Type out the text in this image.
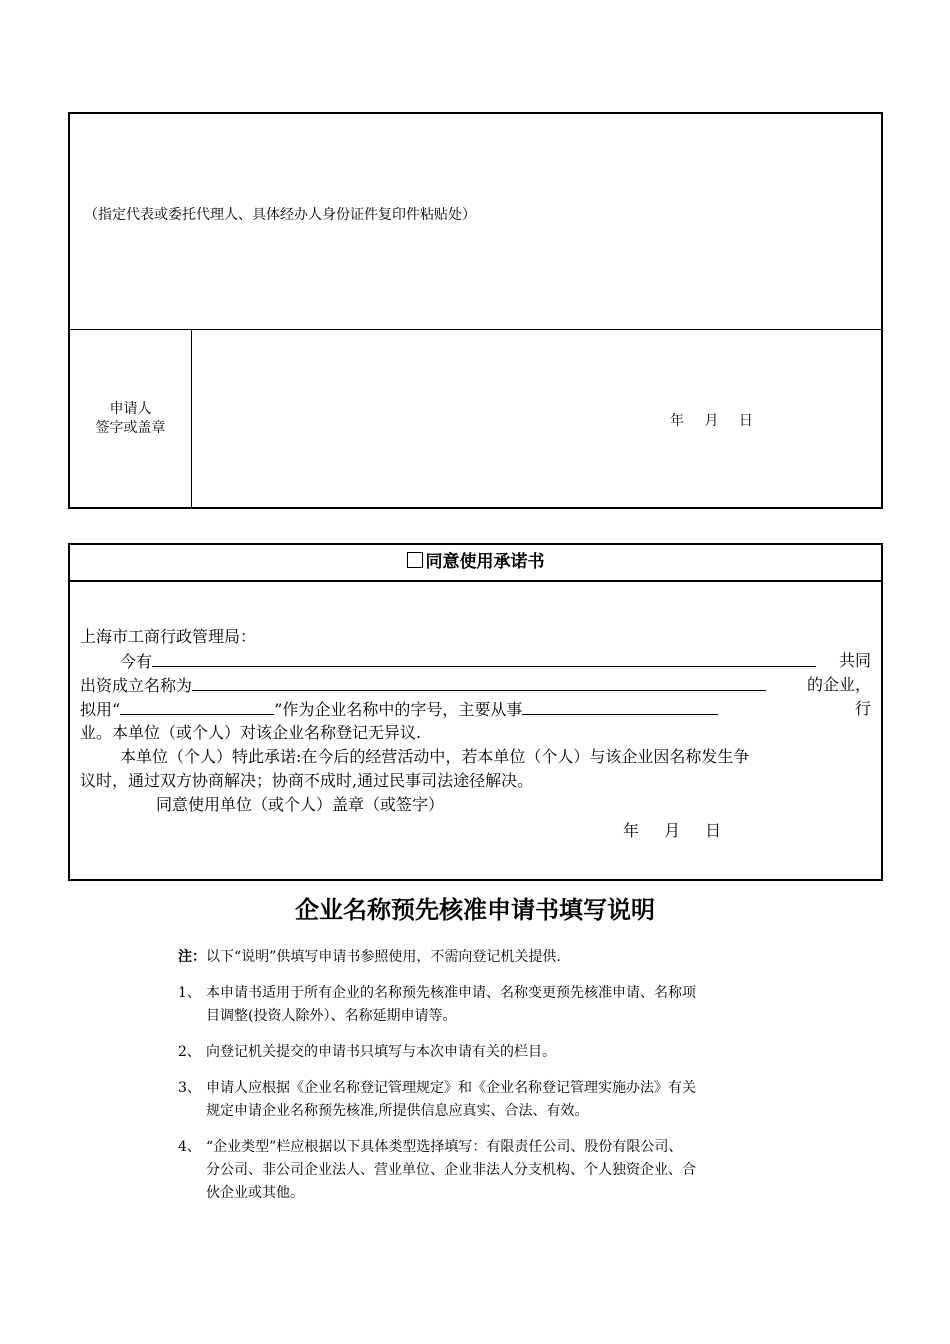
（指定代表或委托代理人、具体经办人身份证件复印件粘贴处）
申请人
签字或盖章	年 月 日
同意使用承诺书
上海市工商行政管理局：
今有	共同
出资成立名称为	的企业，
拟用“	”作为企业名称中的字号，主要从事	行
业。本单位（或个人）对该企业名称登记无异议.
本单位（个人）特此承诺:在今后的经营活动中，若本单位（个人）与该企业因名称发生争
议时，通过双方协商解决；协商不成时,通过民事司法途径解决。
同意使用单位（或个人）盖章（或签字）
年 月 日
企业名称预先核准申请书填写说明
注：以下“说明”供填写申请书参照使用，不需向登记机关提供.
1、 本申请书适用于所有企业的名称预先核准申请、名称变更预先核准申请、名称项
目调整(投资人除外）、名称延期申请等。
2、 向登记机关提交的申请书只填写与本次申请有关的栏目。
3、 申请人应根据《企业名称登记管理规定》和《企业名称登记管理实施办法》有关
规定申请企业名称预先核准,所提供信息应真实、合法、有效。
4、 “企业类型”栏应根据以下具体类型选择填写：有限责任公司、股份有限公司、
分公司、非公司企业法人、营业单位、企业非法人分支机构、个人独资企业、合
伙企业或其他。
